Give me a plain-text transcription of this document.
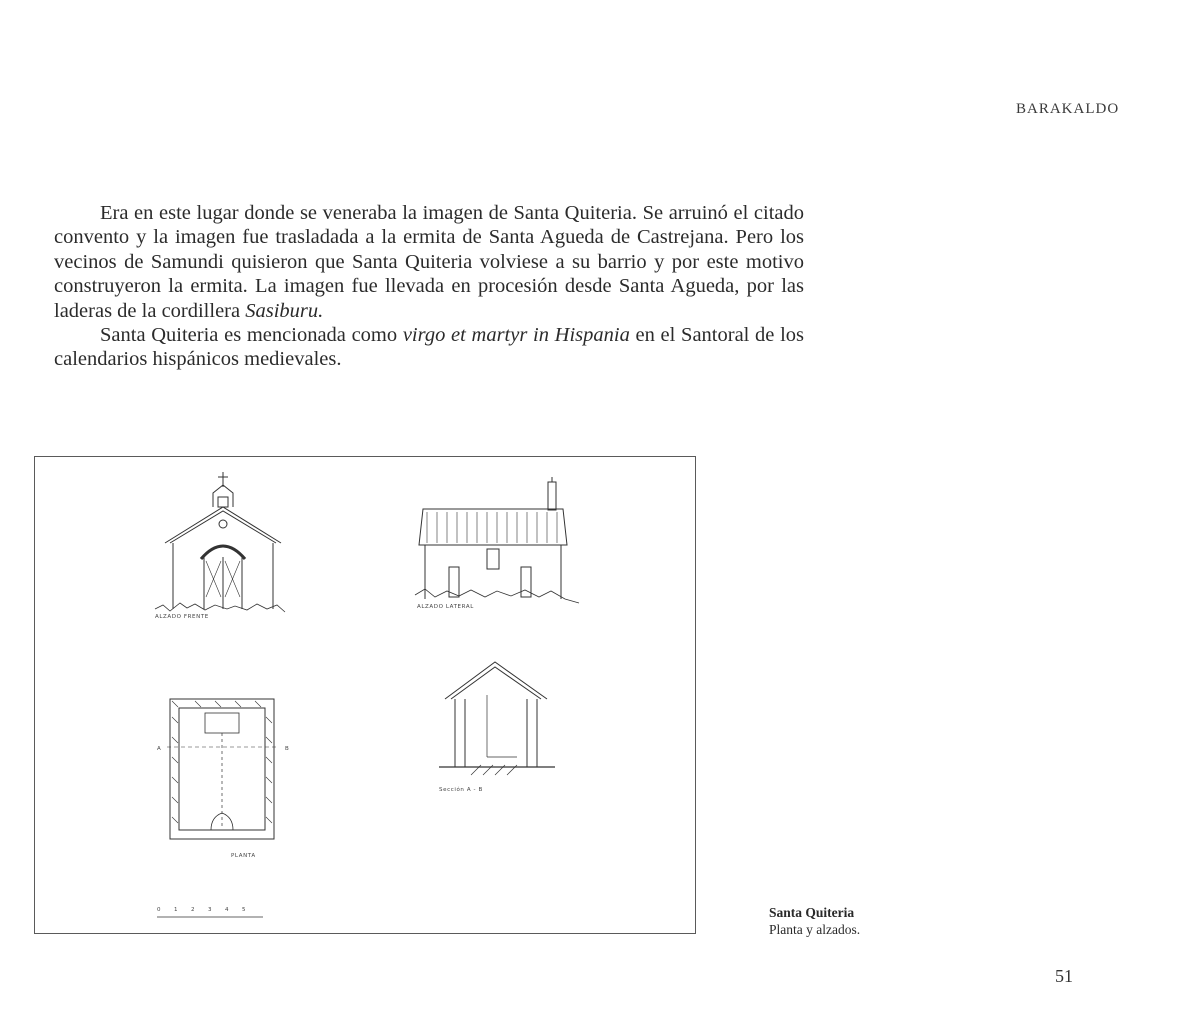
BARAKALDO

Era en este lugar donde se veneraba la imagen de Santa Quiteria. Se arruinó el citado convento y la imagen fue trasladada a la ermita de Santa Agueda de Castrejana. Pero los vecinos de Samundi quisieron que Santa Quiteria volviese a su barrio y por este motivo construyeron la ermita. La imagen fue llevada en procesión desde Santa Agueda, por las laderas de la cordillera Sasiburu.

Santa Quiteria es mencionada como virgo et martyr in Hispania en el Santoral de los calendarios hispánicos medievales.

ALZADO FRENTE
ALZADO LATERAL
PLANTA
Sección A - B
A	B
0 1 2 3 4 5	Santa Quiteria
Planta y alzados.
51
